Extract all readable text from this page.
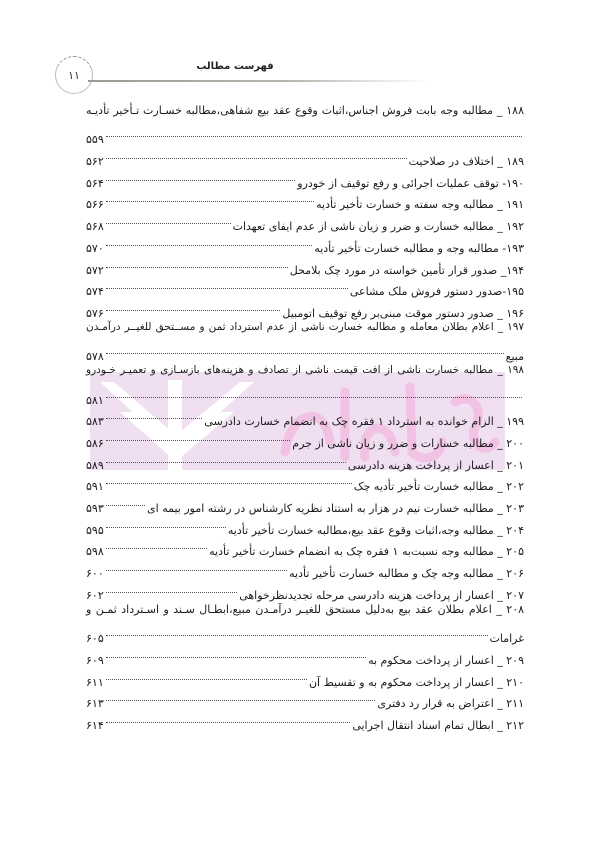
۱۱
فهرست مطالب
۱۸۸ _ مطالبه وجه بابت فروش اجناس،اثبات وقوع عقد بیع شفاهی،مطالبه خسـارت تـأخیر تأدیـه
۵۵۹
۱۸۹ _ اختلاف در صلاحیت
۵۶۲
۱۹۰- توقف عملیات اجرائی و رفع توقیف از خودرو
۵۶۴
۱۹۱ _ مطالبه وجه سفته و خسارت تأخیر تأدیه
۵۶۶
۱۹۲ _ مطالبه خسارت و ضرر و زیان ناشی از عدم ایفای تعهدات
۵۶۸
۱۹۳- مطالبه وجه و مطالبه خسارت تأخیر تأدیه
۵۷۰
۱۹۴_ صدور قرار تأمین خواسته در مورد چک بلامحل
۵۷۲
۱۹۵-صدور دستور فروش ملک مشاعی
۵۷۴
۱۹۶ _ صدور دستور موقت مبنی‌بر رفع توقیف اتومبیل
۵۷۶
۱۹۷ _ اعلام بطلان معامله و مطالبه خسارت ناشی از عدم استرداد ثمن و مســتحق للغیــر درآمـدن
مبیع
۵۷۸
۱۹۸ _ مطالبه خسارت ناشی از افت قیمت ناشی از تصادف و هزینه‌های بازسـازی و تعمیـر خـودرو
۵۸۱
۱۹۹ _ الزام خوانده به استرداد ۱ فقره چک به انضمام خسارت دادرسی
۵۸۳
۲۰۰ _ مطالبه خسارات و ضرر و زیان ناشی از جرم
۵۸۶
۲۰۱ _ اعسار از پرداخت هزینه دادرسی
۵۸۹
۲۰۲ _ مطالبه خسارت تأخیر تأدیه چک
۵۹۱
۲۰۳ _ مطالبه خسارت نیم در هزار به استناد نظریه کارشناس در رشته امور بیمه ای
۵۹۳
۲۰۴ _ مطالبه وجه،اثبات وقوع عقد بیع،مطالبه خسارت تأخیر تأدیه
۵۹۵
۲۰۵ _ مطالبه وجه نسبت‌به ۱ فقره چک به انضمام خسارت تأخیر تأدیه
۵۹۸
۲۰۶ _ مطالبه وجه چک و مطالبه خسارت تأخیر تأدیه
۶۰۰
۲۰۷ _ اعسار از پرداخت هزینه دادرسی مرحله تجدیدنظرخواهی
۶۰۲
۲۰۸ _ اعلام بطلان عقد بیع به‌دلیل مستحق للغیـر درآمـدن مبیع،ابطـال سـند و اسـترداد ثمـن و
غرامات
۶۰۵
۲۰۹ _ اعسار از پرداخت محکوم به
۶۰۹
۲۱۰ _ اعسار از پرداخت محکوم به و تقسیط آن
۶۱۱
۲۱۱ _ اعتراض به قرار رد دفتری
۶۱۳
۲۱۲ _ ابطال تمام اسناد انتقال اجرایی
۶۱۴
